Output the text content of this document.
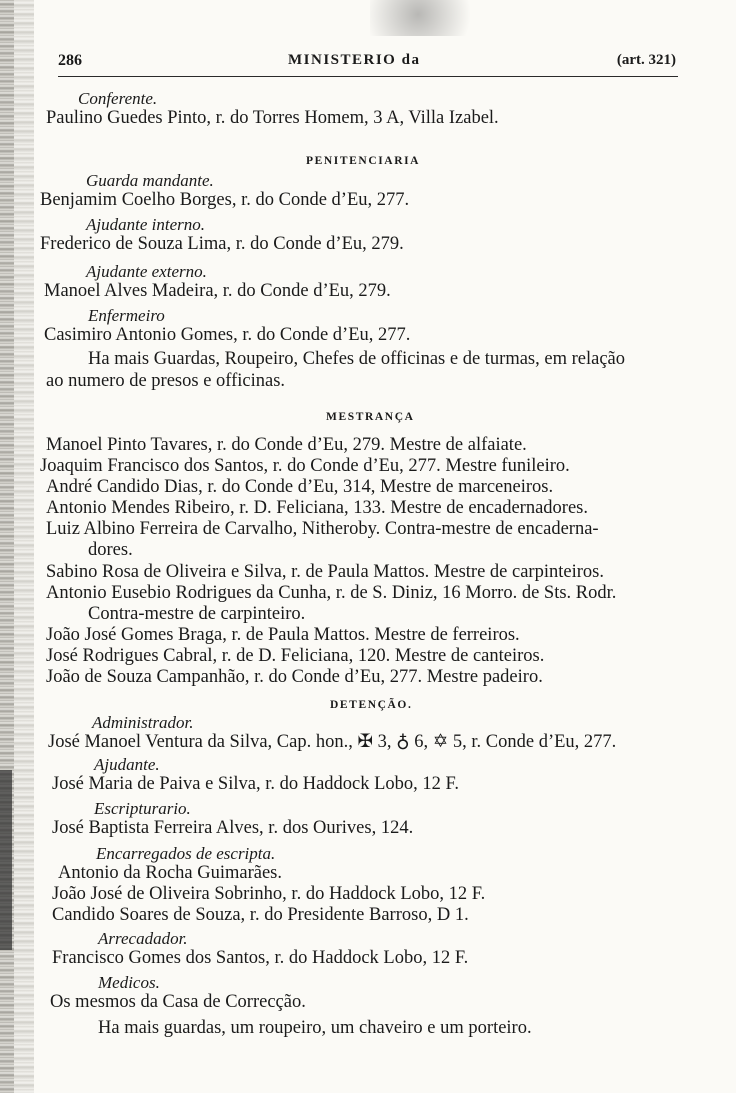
286	MINISTERIO da	(art. 321)
Conferente.
Paulino Guedes Pinto, r. do Torres Homem, 3 A, Villa Izabel.
PENITENCIARIA
Guarda mandante.
Benjamim Coelho Borges, r. do Conde d’Eu, 277.
Ajudante interno.
Frederico de Souza Lima, r. do Conde d’Eu, 279.
Ajudante externo.
Manoel Alves Madeira, r. do Conde d’Eu, 279.
Enfermeiro
Casimiro Antonio Gomes, r. do Conde d’Eu, 277.
Ha mais Guardas, Roupeiro, Chefes de officinas e de turmas, em relação
ao numero de presos e officinas.
MESTRANÇA
Manoel Pinto Tavares, r. do Conde d’Eu, 279. Mestre de alfaiate.
Joaquim Francisco dos Santos, r. do Conde d’Eu, 277. Mestre funileiro.
André Candido Dias, r. do Conde d’Eu, 314, Mestre de marceneiros.
Antonio Mendes Ribeiro, r. D. Feliciana, 133. Mestre de encadernadores.
Luiz Albino Ferreira de Carvalho, Nitheroby. Contra-mestre de encaderna-
dores.
Sabino Rosa de Oliveira e Silva, r. de Paula Mattos. Mestre de carpinteiros.
Antonio Eusebio Rodrigues da Cunha, r. de S. Diniz, 16 Morro. de Sts. Rodr.
Contra-mestre de carpinteiro.
João José Gomes Braga, r. de Paula Mattos. Mestre de ferreiros.
José Rodrigues Cabral, r. de D. Feliciana, 120. Mestre de canteiros.
João de Souza Campanhão, r. do Conde d’Eu, 277. Mestre padeiro.
DETENÇÃO.
Administrador.
José Manoel Ventura da Silva, Cap. hon., ✠ 3, ♁ 6, ✡ 5, r. Conde d’Eu, 277.
Ajudante.
José Maria de Paiva e Silva, r. do Haddock Lobo, 12 F.
Escripturario.
José Baptista Ferreira Alves, r. dos Ourives, 124.
Encarregados de escripta.
Antonio da Rocha Guimarães.
João José de Oliveira Sobrinho, r. do Haddock Lobo, 12 F.
Candido Soares de Souza, r. do Presidente Barroso, D 1.
Arrecadador.
Francisco Gomes dos Santos, r. do Haddock Lobo, 12 F.
Medicos.
Os mesmos da Casa de Correcção.
Ha mais guardas, um roupeiro, um chaveiro e um porteiro.
